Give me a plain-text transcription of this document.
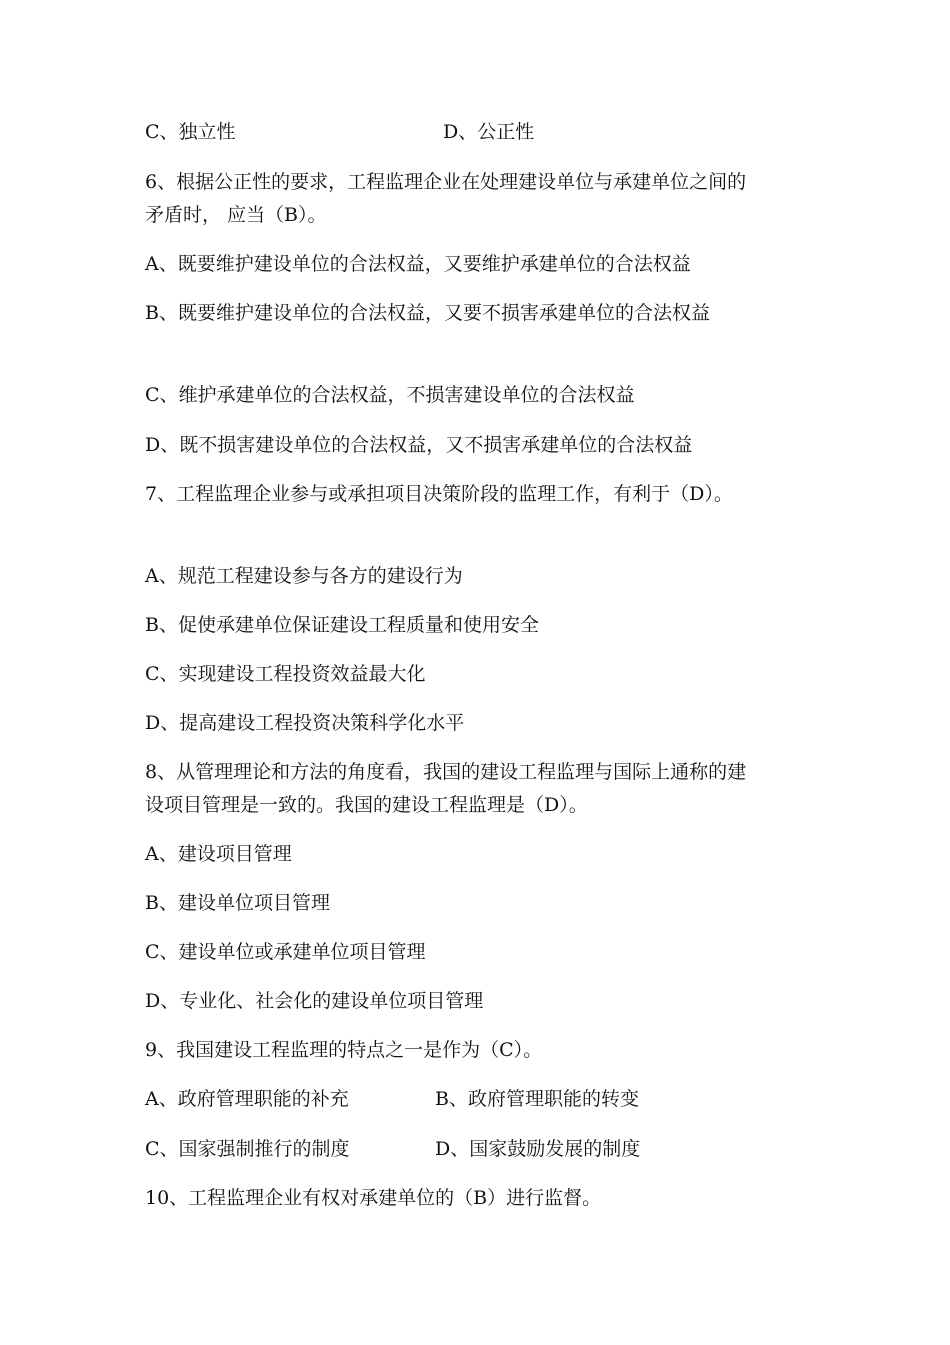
C、独立性	D、公正性
6、根据公正性的要求，工程监理企业在处理建设单位与承建单位之间的矛盾时， 应当（B）。
A、既要维护建设单位的合法权益，又要维护承建单位的合法权益
B、既要维护建设单位的合法权益，又要不损害承建单位的合法权益
C、维护承建单位的合法权益，不损害建设单位的合法权益
D、既不损害建设单位的合法权益，又不损害承建单位的合法权益
7、工程监理企业参与或承担项目决策阶段的监理工作，有利于（D）。
A、规范工程建设参与各方的建设行为
B、促使承建单位保证建设工程质量和使用安全
C、实现建设工程投资效益最大化
D、提高建设工程投资决策科学化水平
8、从管理理论和方法的角度看，我国的建设工程监理与国际上通称的建设项目管理是一致的。我国的建设工程监理是（D）。
A、建设项目管理
B、建设单位项目管理
C、建设单位或承建单位项目管理
D、专业化、社会化的建设单位项目管理
9、我国建设工程监理的特点之一是作为（C）。
A、政府管理职能的补充	B、政府管理职能的转变
C、国家强制推行的制度	D、国家鼓励发展的制度
10、工程监理企业有权对承建单位的（B）进行监督。
